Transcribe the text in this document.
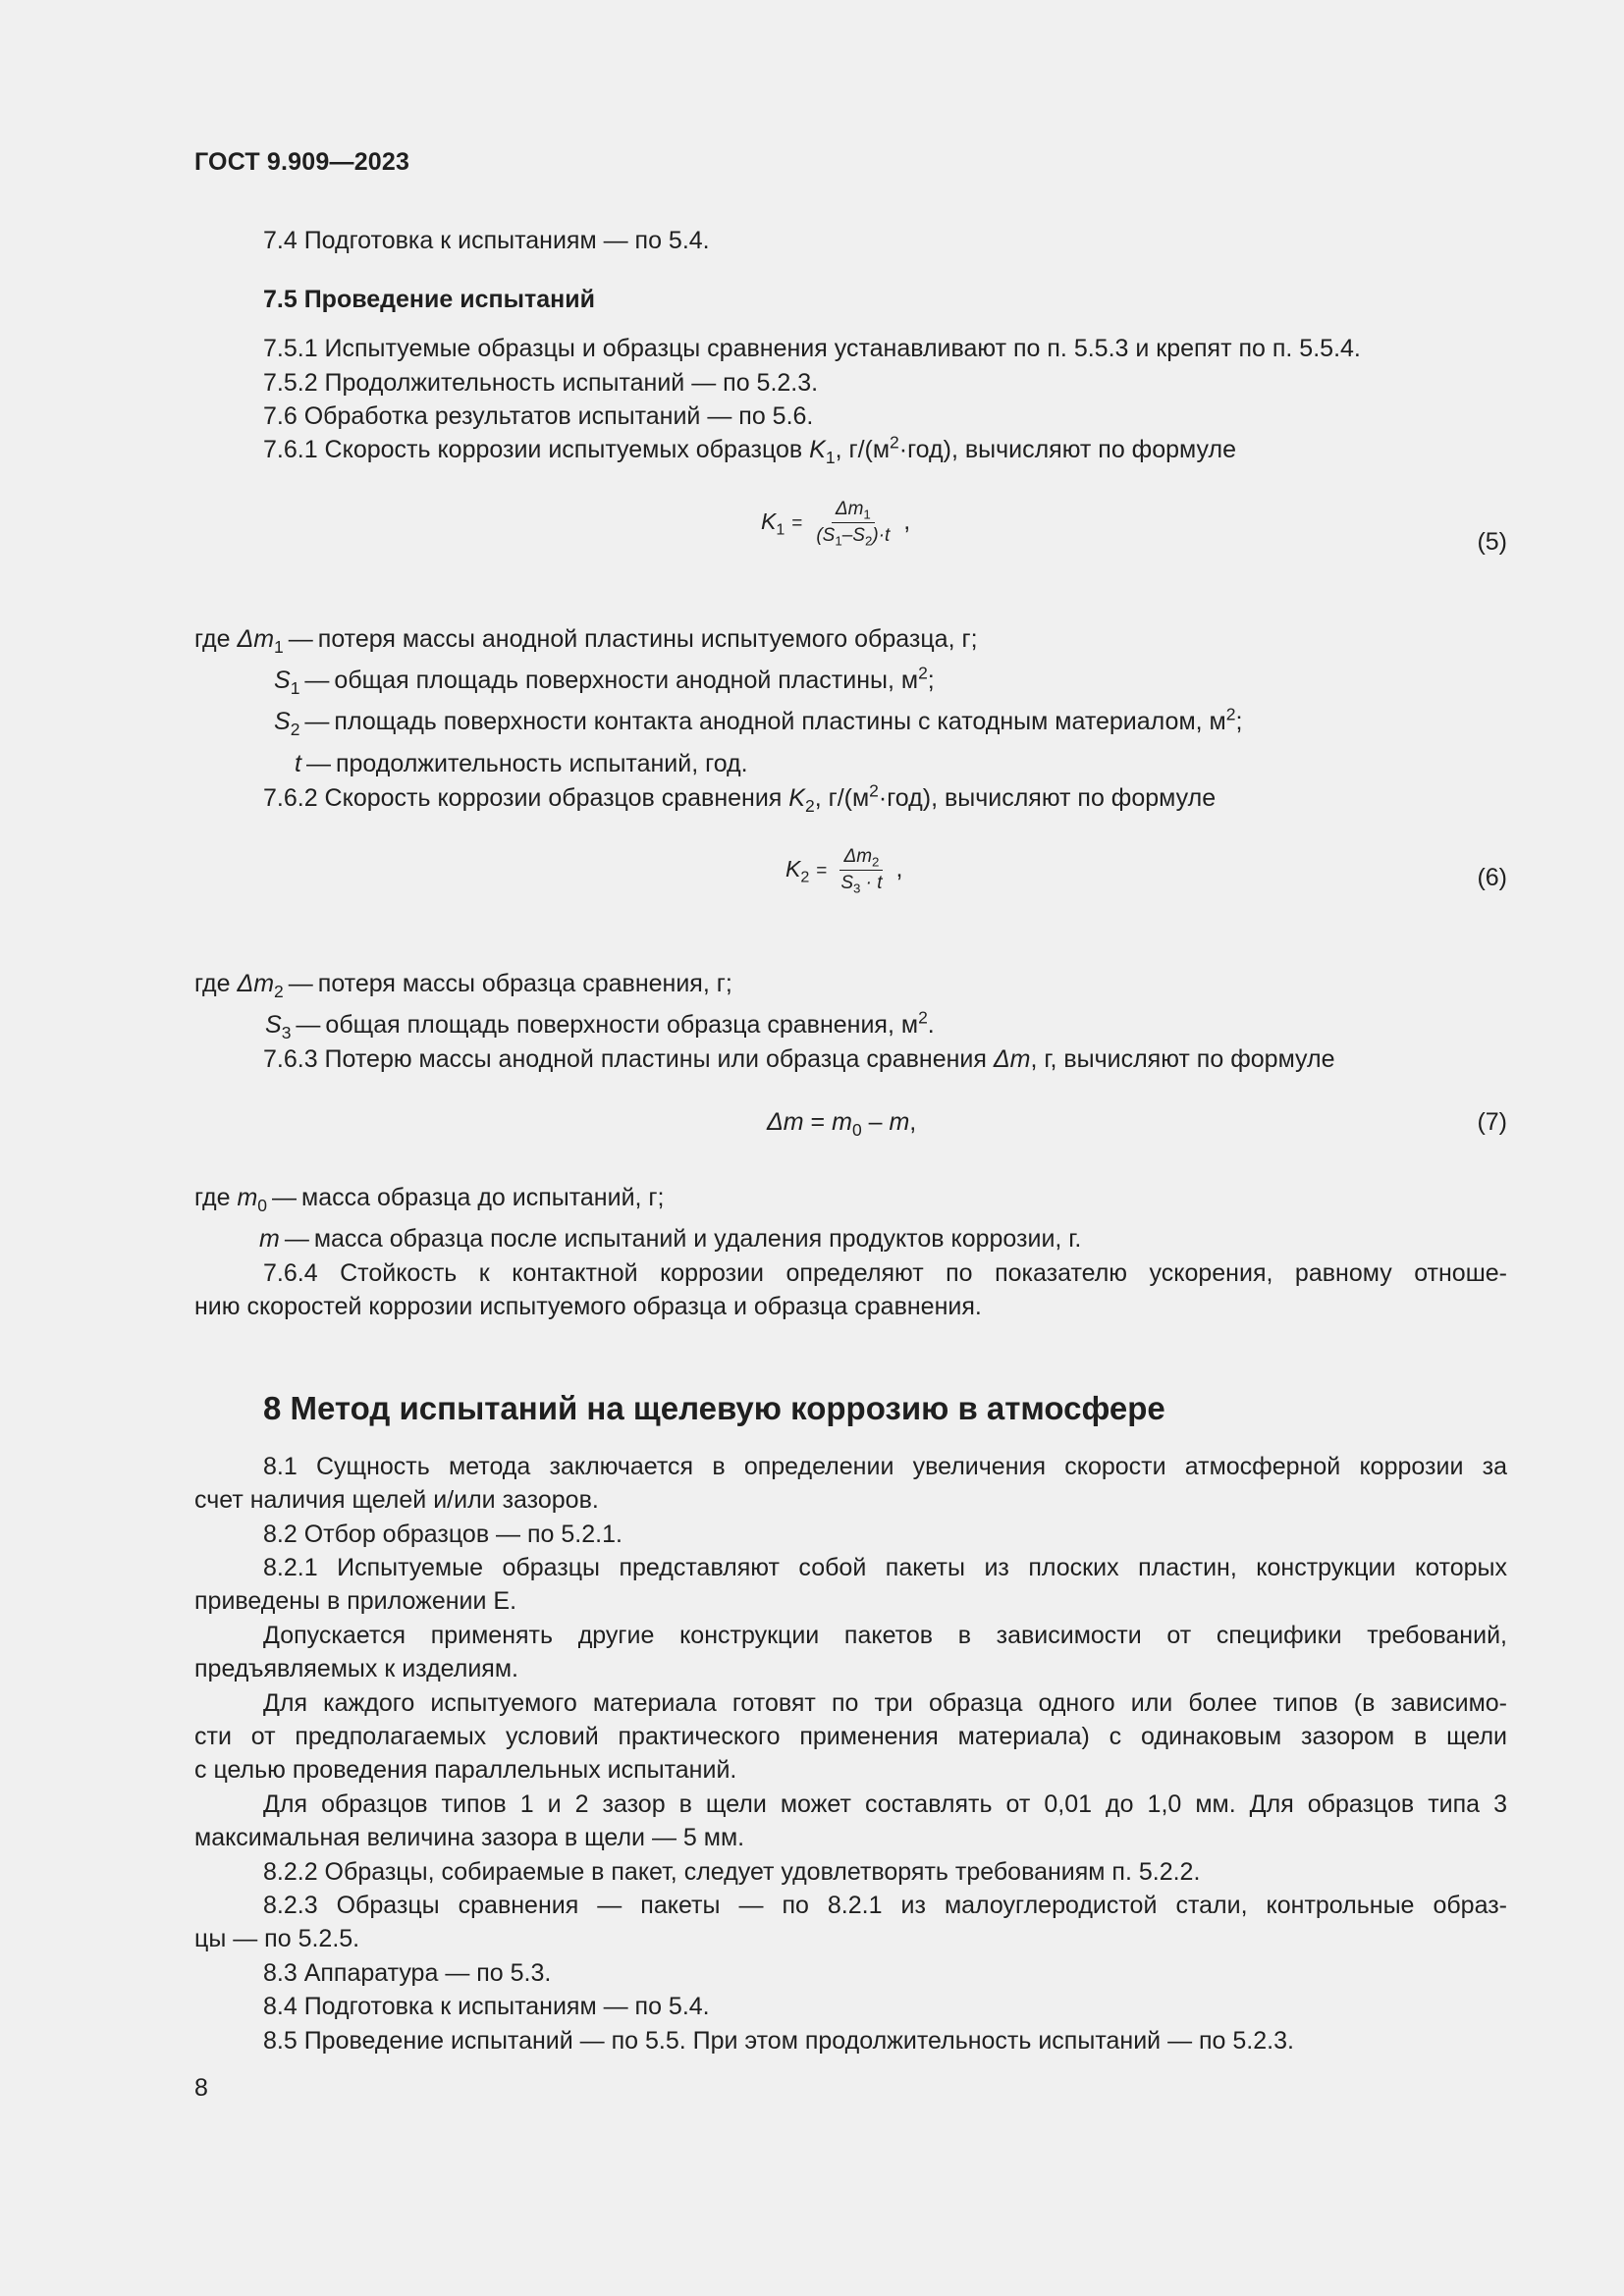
ГОСТ 9.909—2023
7.4 Подготовка к испытаниям — по 5.4.
7.5 Проведение испытаний
7.5.1 Испытуемые образцы и образцы сравнения устанавливают по п. 5.5.3 и крепят по п. 5.5.4.
7.5.2 Продолжительность испытаний — по 5.2.3.
7.6 Обработка результатов испытаний — по 5.6.
7.6.1 Скорость коррозии испытуемых образцов $K_1$, $г/(м^2\cdot год)$, вычисляют по формуле
$K_1 = \frac{\Delta m_1}{(S_1-S_2)\cdot t}$ ,
(5)
где $\Delta m_1$ — потеря массы анодной пластины испытуемого образца, г;
$S_1$ — общая площадь поверхности анодной пластины, $м^2$;
$S_2$ — площадь поверхности контакта анодной пластины с катодным материалом, $м^2$;
t — продолжительность испытаний, год.
7.6.2 Скорость коррозии образцов сравнения $K_2$, $г/(м^2\cdot год)$, вычисляют по формуле
$K_2 = \frac{\Delta m_2}{S_3 \cdot t}$ ,	(6)
где $\Delta m_2$ — потеря массы образца сравнения, г;
$S_3$ — общая площадь поверхности образца сравнения, $м^2$.
7.6.3 Потерю массы анодной пластины или образца сравнения Δm, г, вычисляют по формуле
$\Delta m = m_0 - m$,	(7)
где $m_0$ — масса образца до испытаний, г;
m — масса образца после испытаний и удаления продуктов коррозии, г.
7.6.4 Стойкость к контактной коррозии определяют по показателю ускорения, равному отноше-
нию скоростей коррозии испытуемого образца и образца сравнения.
8 Метод испытаний на щелевую коррозию в атмосфере
8.1 Сущность метода заключается в определении увеличения скорости атмосферной коррозии за
счет наличия щелей и/или зазоров.
8.2 Отбор образцов — по 5.2.1.
8.2.1 Испытуемые образцы представляют собой пакеты из плоских пластин, конструкции которых
приведены в приложении Е.
Допускается применять другие конструкции пакетов в зависимости от специфики требований,
предъявляемых к изделиям.
Для каждого испытуемого материала готовят по три образца одного или более типов (в зависимо-
сти от предполагаемых условий практического применения материала) с одинаковым зазором в щели
с целью проведения параллельных испытаний.
Для образцов типов 1 и 2 зазор в щели может составлять от 0,01 до 1,0 мм. Для образцов типа 3
максимальная величина зазора в щели — 5 мм.
8.2.2 Образцы, собираемые в пакет, следует удовлетворять требованиям п. 5.2.2.
8.2.3 Образцы сравнения — пакеты — по 8.2.1 из малоуглеродистой стали, контрольные образ-
цы — по 5.2.5.
8.3 Аппаратура — по 5.3.
8.4 Подготовка к испытаниям — по 5.4.
8.5 Проведение испытаний — по 5.5. При этом продолжительность испытаний — по 5.2.3.
8
